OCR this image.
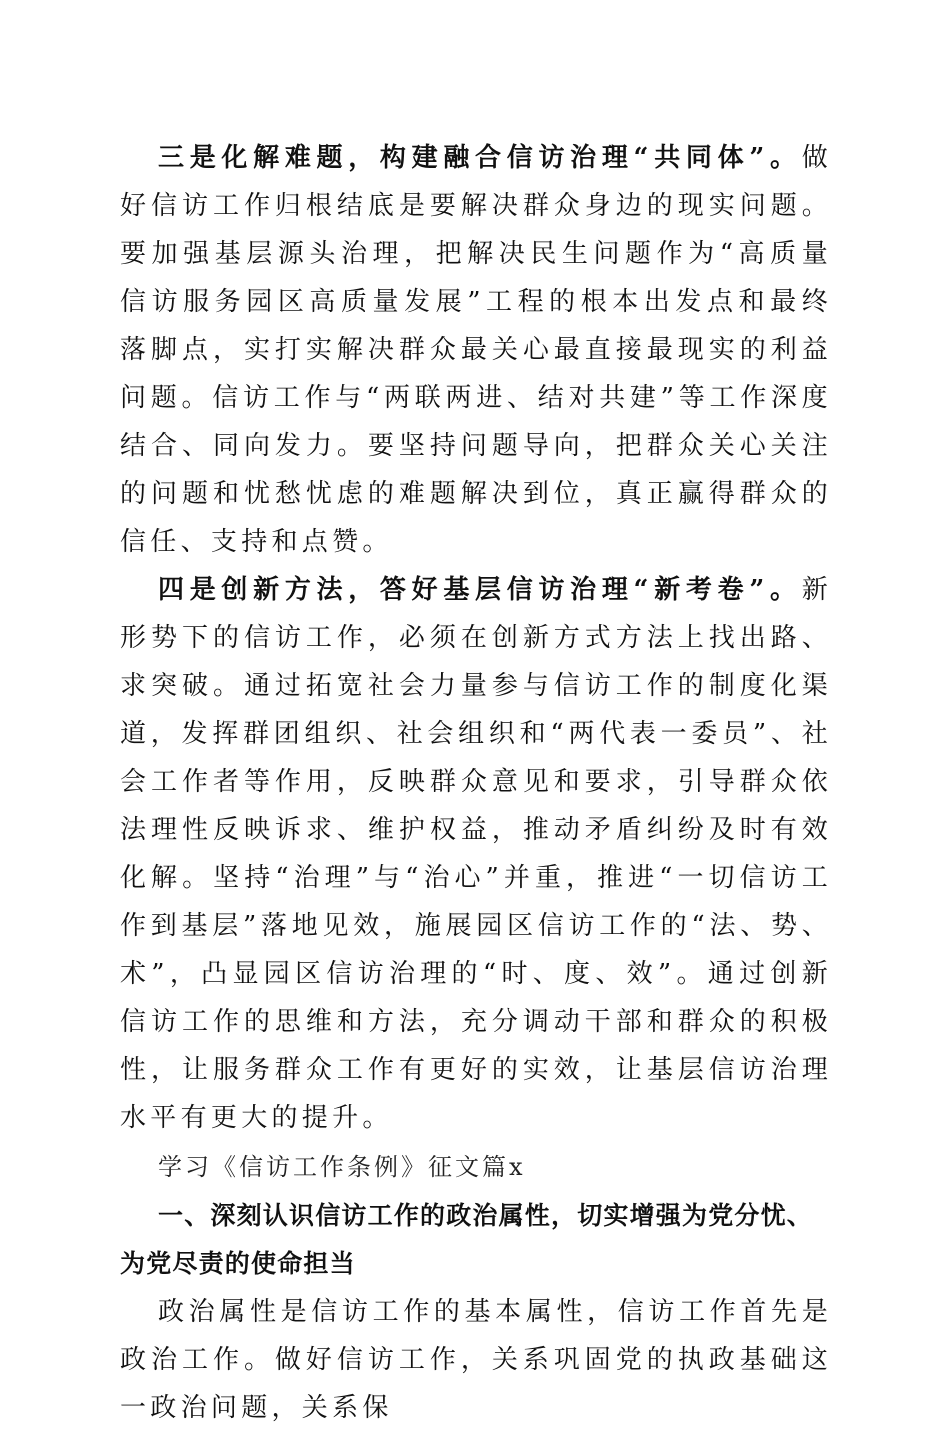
三是化解难题，构建融合信访治理“共同体”。做好信访工作归根结底是要解决群众身边的现实问题。要加强基层源头治理，把解决民生问题作为“高质量信访服务园区高质量发展”工程的根本出发点和最终落脚点，实打实解决群众最关心最直接最现实的利益问题。信访工作与“两联两进、结对共建”等工作深度结合、同向发力。要坚持问题导向，把群众关心关注的问题和忧愁忧虑的难题解决到位，真正赢得群众的信任、支持和点赞。

四是创新方法，答好基层信访治理“新考卷”。新形势下的信访工作，必须在创新方式方法上找出路、求突破。通过拓宽社会力量参与信访工作的制度化渠道，发挥群团组织、社会组织和“两代表一委员”、社会工作者等作用，反映群众意见和要求，引导群众依法理性反映诉求、维护权益，推动矛盾纠纷及时有效化解。坚持“治理”与“治心”并重，推进“一切信访工作到基层”落地见效，施展园区信访工作的“法、势、术”，凸显园区信访治理的“时、度、效”。通过创新信访工作的思维和方法，充分调动干部和群众的积极性，让服务群众工作有更好的实效，让基层信访治理水平有更大的提升。

学习《信访工作条例》征文篇x

一、深刻认识信访工作的政治属性，切实增强为党分忧、为党尽责的使命担当

政治属性是信访工作的基本属性，信访工作首先是政治工作。做好信访工作，关系巩固党的执政基础这一政治问题，关系保
